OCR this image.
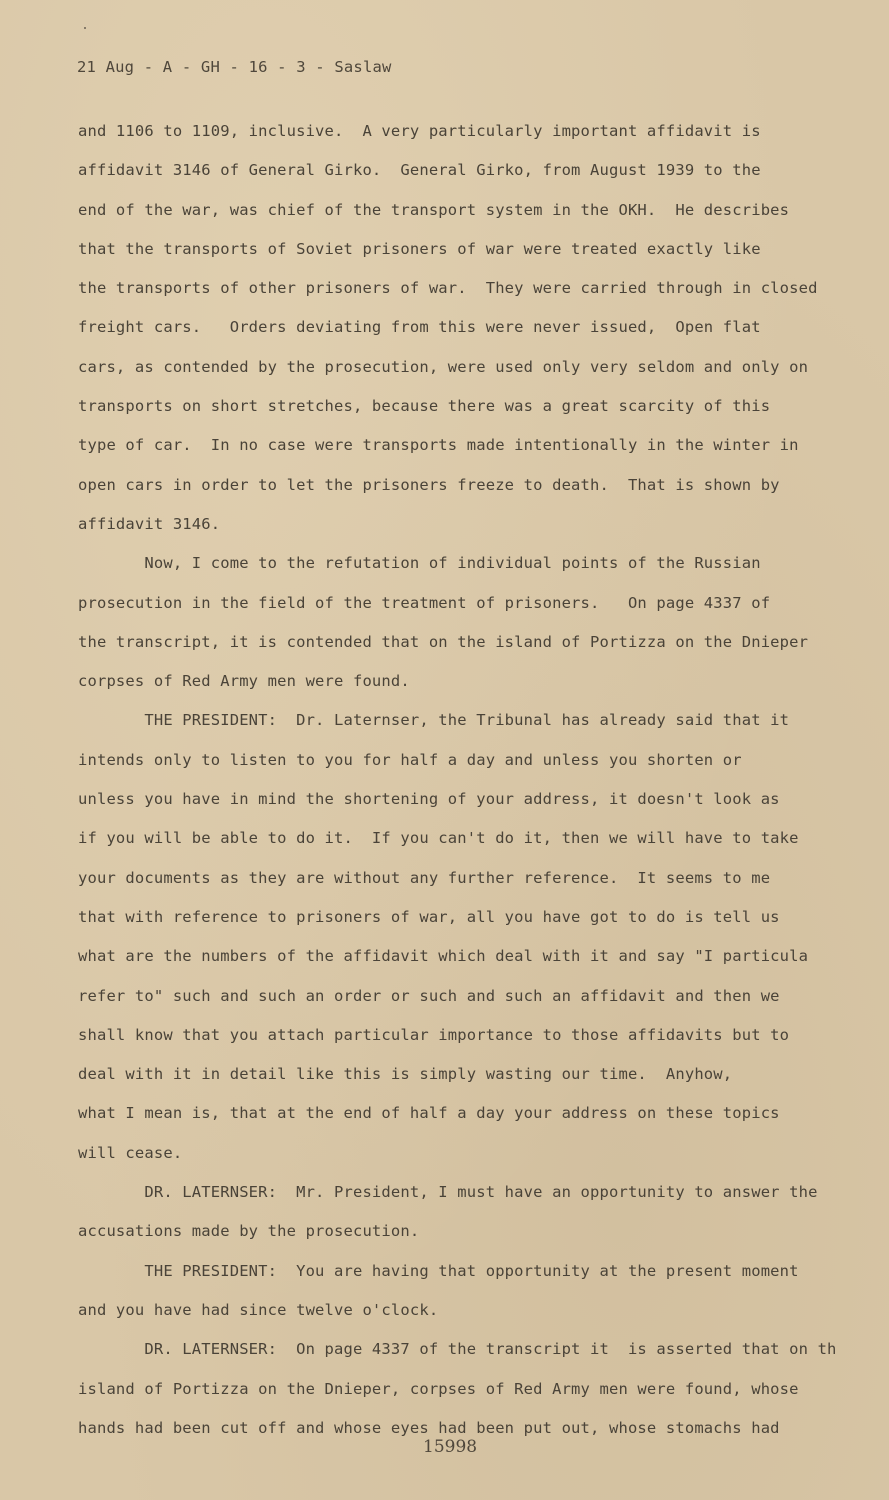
21 Aug - A - GH - 16 - 3 - Saslaw
and 1106 to 1109, inclusive.  A very particularly important affidavit is
affidavit 3146 of General Girko.  General Girko, from August 1939 to the
end of the war, was chief of the transport system in the OKH.  He describes
that the transports of Soviet prisoners of war were treated exactly like
the transports of other prisoners of war.  They were carried through in closed
freight cars.   Orders deviating from this were never issued,  Open flat
cars, as contended by the prosecution, were used only very seldom and only on
transports on short stretches, because there was a great scarcity of this
type of car.  In no case were transports made intentionally in the winter in
open cars in order to let the prisoners freeze to death.  That is shown by
affidavit 3146.
Now, I come to the refutation of individual points of the Russian
prosecution in the field of the treatment of prisoners.   On page 4337 of
the transcript, it is contended that on the island of Portizza on the Dnieper
corpses of Red Army men were found.
THE PRESIDENT:  Dr. Laternser, the Tribunal has already said that it
intends only to listen to you for half a day and unless you shorten or
unless you have in mind the shortening of your address, it doesn't look as
if you will be able to do it.  If you can't do it, then we will have to take
your documents as they are without any further reference.  It seems to me
that with reference to prisoners of war, all you have got to do is tell us
what are the numbers of the affidavit which deal with it and say "I particula
refer to" such and such an order or such and such an affidavit and then we
shall know that you attach particular importance to those affidavits but to
deal with it in detail like this is simply wasting our time.  Anyhow,
what I mean is, that at the end of half a day your address on these topics
will cease.
DR. LATERNSER:  Mr. President, I must have an opportunity to answer the
accusations made by the prosecution.
THE PRESIDENT:  You are having that opportunity at the present moment
and you have had since twelve o'clock.
DR. LATERNSER:  On page 4337 of the transcript it  is asserted that on th
island of Portizza on the Dnieper, corpses of Red Army men were found, whose
hands had been cut off and whose eyes had been put out, whose stomachs had
15998
